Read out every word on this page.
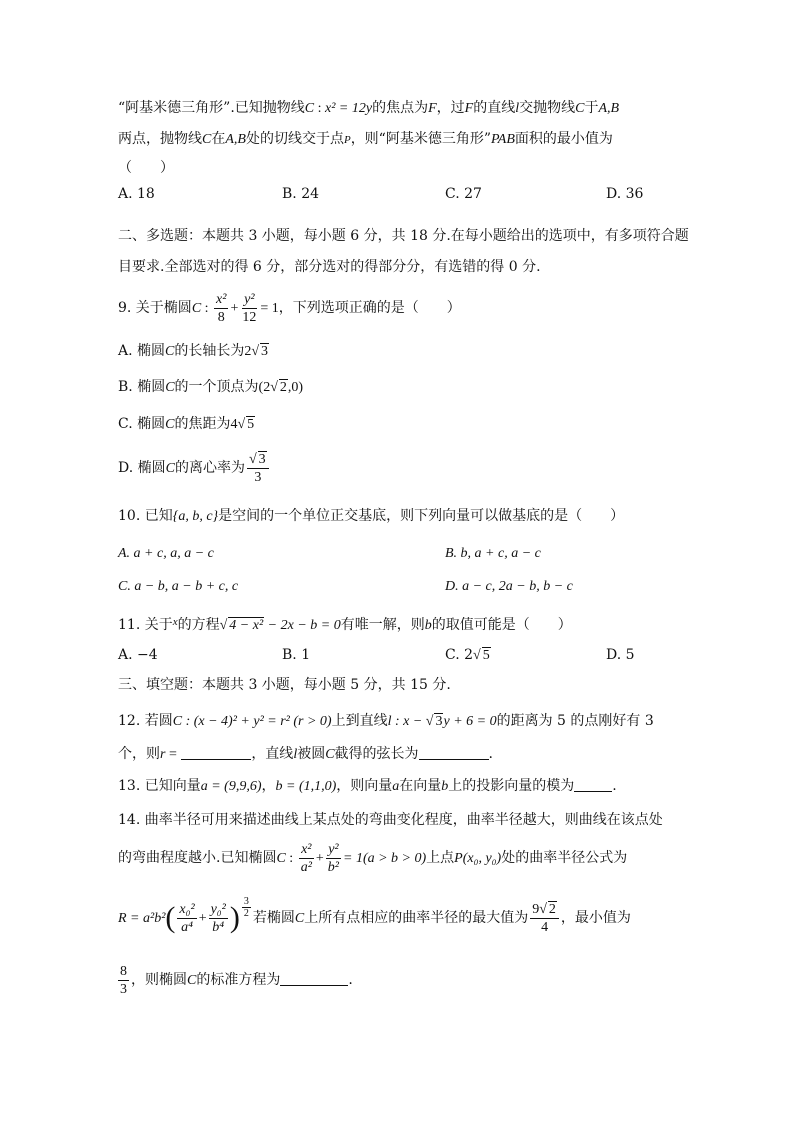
“阿基米德三角形”.已知抛物线C : x² = 12y的焦点为F，过F的直线l交抛物线C于A,B
两点，抛物线C在A,B处的切线交于点P，则“阿基米德三角形”PAB面积的最小值为
（　　）
A. 18	B. 24	C. 27	D. 36
二、多选题：本题共 3 小题，每小题 6 分，共 18 分.在每小题给出的选项中，有多项符合题
目要求.全部选对的得 6 分，部分选对的得部分分，有选错的得 0 分.
9. 关于椭圆C : $\frac{\text{x²}}{8} + \frac{\text{y²}}{12} = 1$，下列选项正确的是（　　）
A. 椭圆C的长轴长为2√ 3
B. 椭圆C的一个顶点为(2√ 2,0)
C. 椭圆C的焦距为4√ 5
D. 椭圆C的离心率为 $\frac{√ 3}{3}$
10. 已知{a, b, c}是空间的一个单位正交基底，则下列向量可以做基底的是（　　）
A. a + c, a, a − c	B. b, a + c, a − c
C. a − b, a − b + c, c	D. a − c, 2a − b, b − c
11. 关于$^x$的方程√ 4 − x² − 2x − b = 0有唯一解，则b的取值可能是（　　）
A. −4	B. 1	C. 2√ 5	D. 5
三、填空题：本题共 3 小题，每小题 5 分，共 15 分.
12. 若圆C : (x − 4)² + y² = r² (r > 0)上到直线l : x − √ 3y + 6 = 0的距离为 5 的点刚好有 3
个，则r =	，直线l被圆C截得的弦长为	.
13. 已知向量a = (9,9,6)，b = (1,1,0)，则向量a在向量b上的投影向量的模为	.
14. 曲率半径可用来描述曲线上某点处的弯曲变化程度，曲率半径越大，则曲线在该点处
的弯曲程度越小.已知椭圆C : $\frac{\text{x²}}{\text{a²}} + \frac{\text{y²}}{\text{b²}} = 1(a > b > 0)$上点P(x₀, y₀)处的曲率半径公式为
$R = a^2b^2( \frac{\text{x₀²}}{\text{a⁴}} + \frac{\text{y₀²}}{\text{b⁴}}$ ) $\frac{3}{2}$ 若椭圆C上所有点相应的曲率半径的最大值为 $\frac{9√ 2}{4}$ ，最小值为
$\frac{8}{3}$ ，则椭圆C的标准方程为	.
